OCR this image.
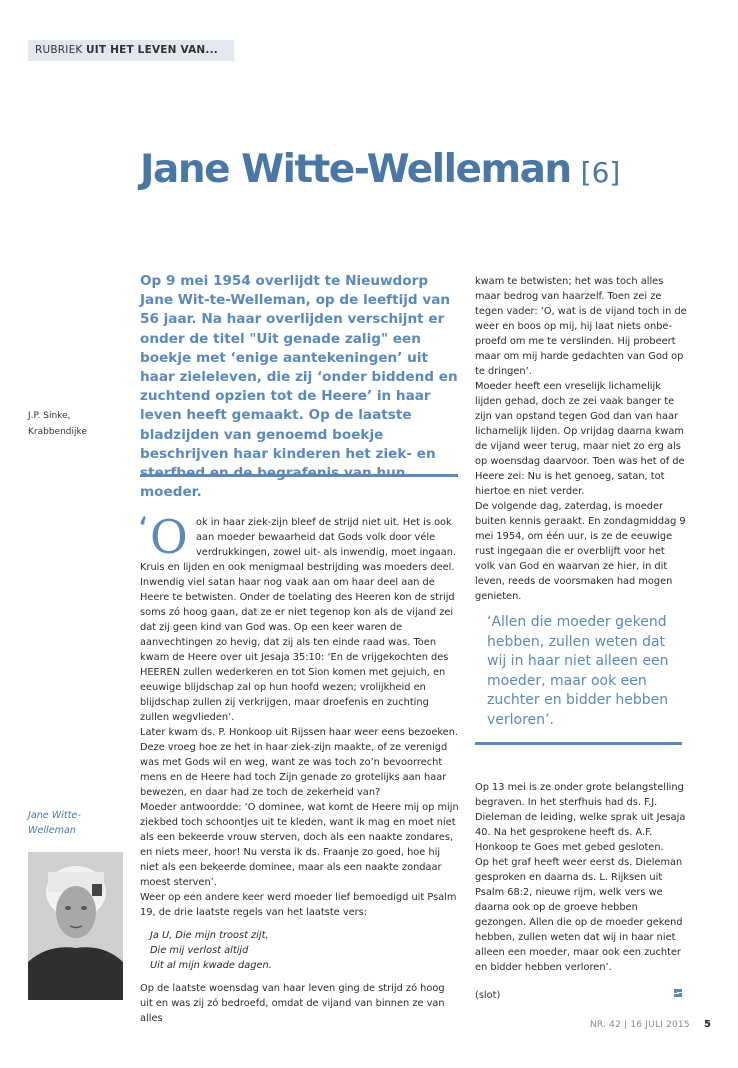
RUBRIEK UIT HET LEVEN VAN...
Jane Witte-Welleman [6]
J.P. Sinke,
Krabbendijke

Op 9 mei 1954 overlijdt te Nieuwdorp Jane Wit-te-Welleman, op de leeftijd van 56 jaar. Na haar overlijden verschijnt er onder de titel "Uit genade zalig" een boekje met ‘enige aantekeningen’ uit haar zieleleven, die zij ‘onder biddend en zuchtend opzien tot de Heere’ in haar leven heeft gemaakt. Op de laatste bladzijden van genoemd boekje beschrijven haar kinderen het ziek- en moeder.

‘ O ok in haar ziek-zijn bleef de strijd niet uit. Het is ook aan moeder bewaarheid dat Gods volk door véle verdrukkingen, zowel uit- als inwendig, moet ingaan.

Kruis en lijden en ook menigmaal bestrijding was moeders deel. Inwendig viel satan haar nog vaak aan om haar deel aan de Heere te betwisten. Onder de toelating des Heeren kon de strijd soms zó hoog gaan, dat ze er niet tegenop kon als de vijand zei dat zij geen kind van God was. Op een keer waren de aanvechtingen zo hevig, dat zij als ten einde raad was. Toen kwam de Heere over uit Jesaja 35:10: ‘En de vrijgekochten des HEEREN zullen wederkeren en tot Sion komen met gejuich, en eeuwige blijdschap zal op hun hoofd wezen; vrolijkheid en blijdschap zullen zij verkrijgen, maar droefenis en zuchting zullen wegvlieden’.

Later kwam ds. P. Honkoop uit Rijssen haar weer eens bezoeken. Deze vroeg hoe ze het in haar ziek-zijn maakte, of ze verenigd was met Gods wil en weg, want ze was toch zo’n bevoorrecht mens en de Heere had toch Zijn genade zo grotelijks aan haar bewezen, en daar had ze toch de zekerheid van?

Moeder antwoordde: ‘O dominee, wat komt de Heere mij op mijn ziekbed toch schoontjes uit te kleden, want ik mag en moet niet als een bekeerde vrouw sterven, doch als een naakte zondares, en niets meer, hoor! Nu versta ik ds. Fraanje zo goed, hoe hij niet als een bekeerde dominee, maar als een naakte zondaar moest sterven’.

Weer op een andere keer werd moeder lief bemoedigd uit Psalm 19, de drie laatste regels van het laatste vers:

Ja U, Die mijn troost zijt,
Die mij verlost altijd
Uit al mijn kwade dagen.

Op de laatste woensdag van haar leven ging de strijd zó hoog uit en was zij zó bedroefd, omdat de vijand van binnen ze van alles

kwam te betwisten; het was toch alles maar bedrog van haarzelf. Toen zei ze tegen vader: ‘O, wat is de vijand toch in de weer en boos op mij, hij laat niets onbe-proefd om me te verslinden. Hij probeert maar om mij harde gedachten van God op te dringen’.

Moeder heeft een vreselijk lichamelijk lijden gehad, doch ze zei vaak banger te zijn van opstand tegen God dan van haar lichamelijk lijden. Op vrijdag daarna kwam de vijand weer terug, maar niet zo erg als op woensdag daarvoor. Toen was het of de Heere zei: Nu is het genoeg, satan, tot hiertoe en niet verder.

De volgende dag, zaterdag, is moeder buiten kennis geraakt. En zondagmiddag 9 mei 1954, om één uur, is ze de eeuwige rust ingegaan die er overblijft voor het volk van God en waarvan ze hier, in dit leven, reeds de voorsmaken had mogen genieten.

‘Allen die moeder gekend hebben, zullen weten dat wij in haar niet alleen een moeder, maar ook een zuchter en bidder hebben verloren’.

Op 13 mei is ze onder grote belangstelling begraven. In het sterfhuis had ds. F.J. Dieleman de leiding, welke sprak uit Jesaja 40. Na het gesprokene heeft ds. A.F. Honkoop te Goes met gebed gesloten.

Op het graf heeft weer eerst ds. Dieleman gesproken en daarna ds. L. Rijksen uit Psalm 68:2, nieuwe rijm, welk vers we daarna ook op de groeve hebben gezongen. Allen die op de moeder gekend hebben, zullen weten dat wij in haar niet alleen een moeder, maar ook een zuchter en bidder hebben verloren’.

(slot)
Jane Witte-
Welleman
NR. 42 | 16 JULI 2015 5
